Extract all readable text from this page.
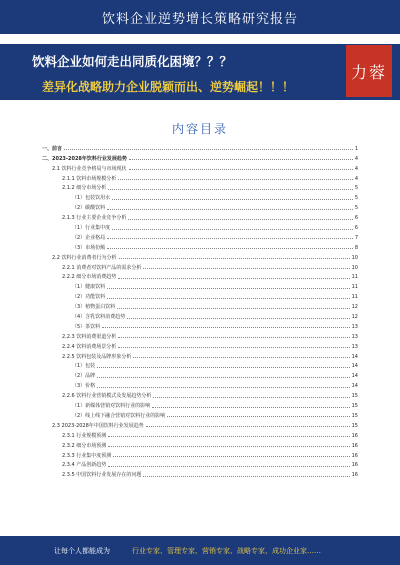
饮料企业逆势增长策略研究报告
饮料企业如何走出同质化困境？？？
差异化战略助力企业脱颖而出、逆势崛起！！！
力蓉
内容目录
一、前言	1
二、2023-2028年饮料行业发展趋势	4
2.1 饮料行业竞争格局与市场现状	4
2.1.1 饮料市场规模分析	4
2.1.2 细分市场分析	5
（1）包装饮用水	5
（2）碳酸饮料	5
2.1.3 行业主要企业竞争分析	6
（1）行业集中度	6
（2）企业格局	7
（3）市场份额	8
2.2 饮料行业消费者行为分析	10
2.2.1 消费者对饮料产品的需求分析	10
2.2.2 细分市场消费趋势	11
（1）健康饮料	11
（2）功能饮料	11
（3）植物蛋白饮料	12
（4）含乳饮料消费趋势	12
（5）茶饮料	13
2.2.3 饮料消费渠道分析	13
2.2.4 饮料消费场景分析	13
2.2.5 饮料包装及品牌形象分析	14
（1）包装	14
（2）品牌	14
（3）价格	14
2.2.6 饮料行业营销模式及发展趋势分析	15
（1）新媒体营销对饮料行业的影响	15
（2）线上线下融合营销对饮料行业的影响	15
2.3 2023-2028年中国饮料行业发展趋势	15
2.3.1 行业规模预测	16
2.3.2 细分市场预测	16
2.3.3 行业集中度预测	16
2.3.4 产品创新趋势	16
2.3.5 中国饮料行业发展存在的问题	16
让每个人都能成为	行业专家、管理专家、营销专家、战略专家、成功企业家……
